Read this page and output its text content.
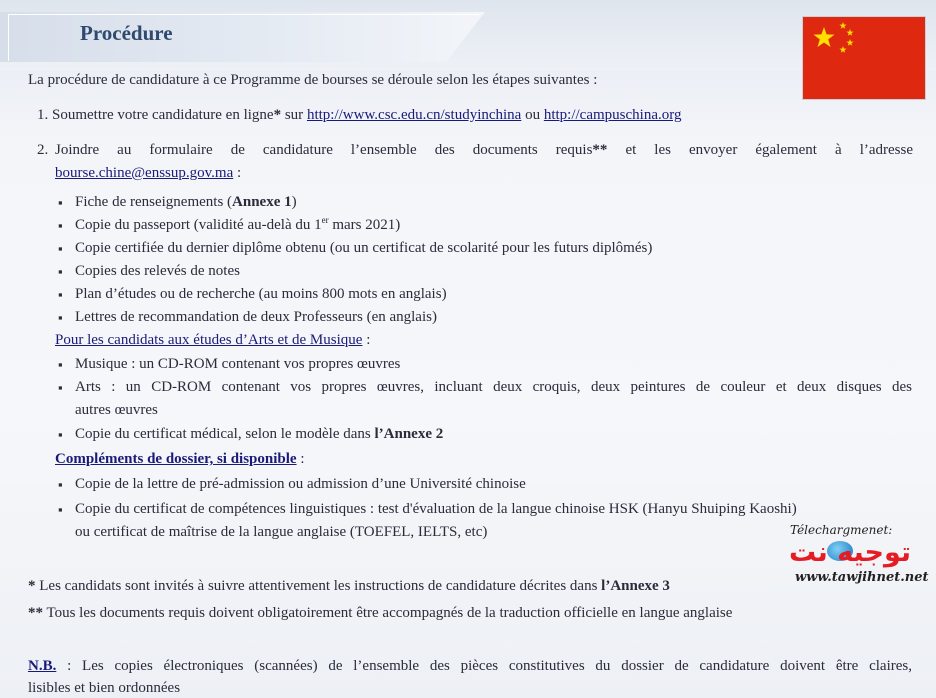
Procédure
La procédure de candidature à ce Programme de bourses se déroule selon les étapes suivantes :
1. Soumettre votre candidature en ligne* sur http://www.csc.edu.cn/studyinchina ou http://campuschina.org
2. Joindre au formulaire de candidature l’ensemble des documents requis** et les envoyer également à l’adresse
bourse.chine@enssup.gov.ma :
▪ Fiche de renseignements (Annexe 1)
▪ Copie du passeport (validité au-delà du 1er mars 2021)
▪ Copie certifiée du dernier diplôme obtenu (ou un certificat de scolarité pour les futurs diplômés)
▪ Copies des relevés de notes
▪ Plan d’études ou de recherche (au moins 800 mots en anglais)
▪ Lettres de recommandation de deux Professeurs (en anglais)
Pour les candidats aux études d’Arts et de Musique :
▪ Musique : un CD-ROM contenant vos propres œuvres
▪ Arts : un CD-ROM contenant vos propres œuvres, incluant deux croquis, deux peintures de couleur et deux disques des
autres œuvres
▪ Copie du certificat médical, selon le modèle dans l’Annexe 2
Compléments de dossier, si disponible :
▪ Copie de la lettre de pré-admission ou admission d’une Université chinoise
▪ Copie du certificat de compétences linguistiques : test d'évaluation de la langue chinoise HSK (Hanyu Shuiping Kaoshi)
ou certificat de maîtrise de la langue anglaise (TOEFEL, IELTS, etc)
* Les candidats sont invités à suivre attentivement les instructions de candidature décrites dans l’Annexe 3
** Tous les documents requis doivent obligatoirement être accompagnés de la traduction officielle en langue anglaise
N.B. : Les copies électroniques (scannées) de l’ensemble des pièces constitutives du dossier de candidature doivent être claires,
lisibles et bien ordonnées
Télechargmenet:
توجيه نت
www.tawjihnet.net
